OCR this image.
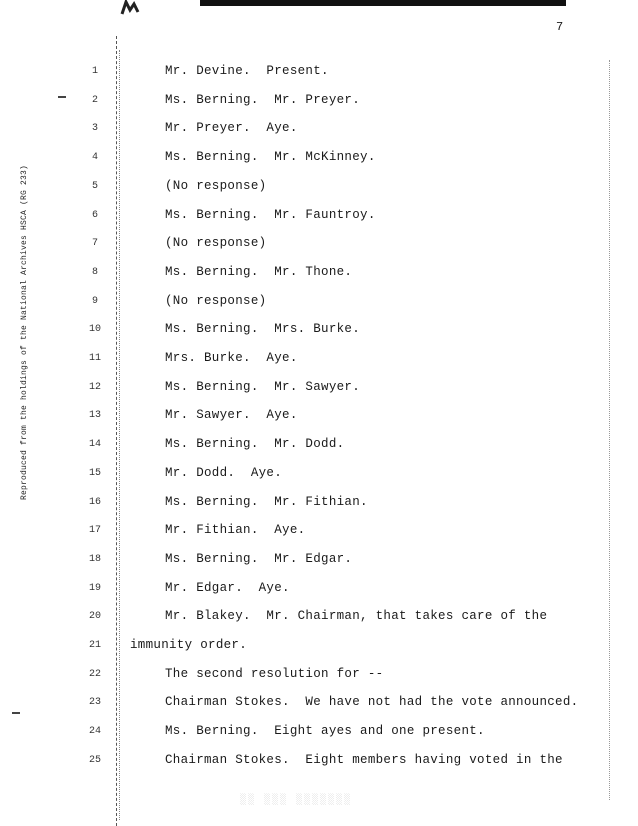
7
Reproduced from the holdings of the National Archives HSCA (RG 233)
1	Mr. Devine.  Present.
2	Ms. Berning.  Mr. Preyer.
3	Mr. Preyer.  Aye.
4	Ms. Berning.  Mr. McKinney.
5	(No response)
6	Ms. Berning.  Mr. Fauntroy.
7	(No response)
8	Ms. Berning.  Mr. Thone.
9	(No response)
10	Ms. Berning.  Mrs. Burke.
11	Mrs. Burke.  Aye.
12	Ms. Berning.  Mr. Sawyer.
13	Mr. Sawyer.  Aye.
14	Ms. Berning.  Mr. Dodd.
15	Mr. Dodd.  Aye.
16	Ms. Berning.  Mr. Fithian.
17	Mr. Fithian.  Aye.
18	Ms. Berning.  Mr. Edgar.
19	Mr. Edgar.  Aye.
20	Mr. Blakey.  Mr. Chairman, that takes care of the
21	immunity order.
22	The second resolution for --
23	Chairman Stokes.  We have not had the vote announced.
24	Ms. Berning.  Eight ayes and one present.
25	Chairman Stokes.  Eight members having voted in the
░░ ░░░ ░░░░░░░
